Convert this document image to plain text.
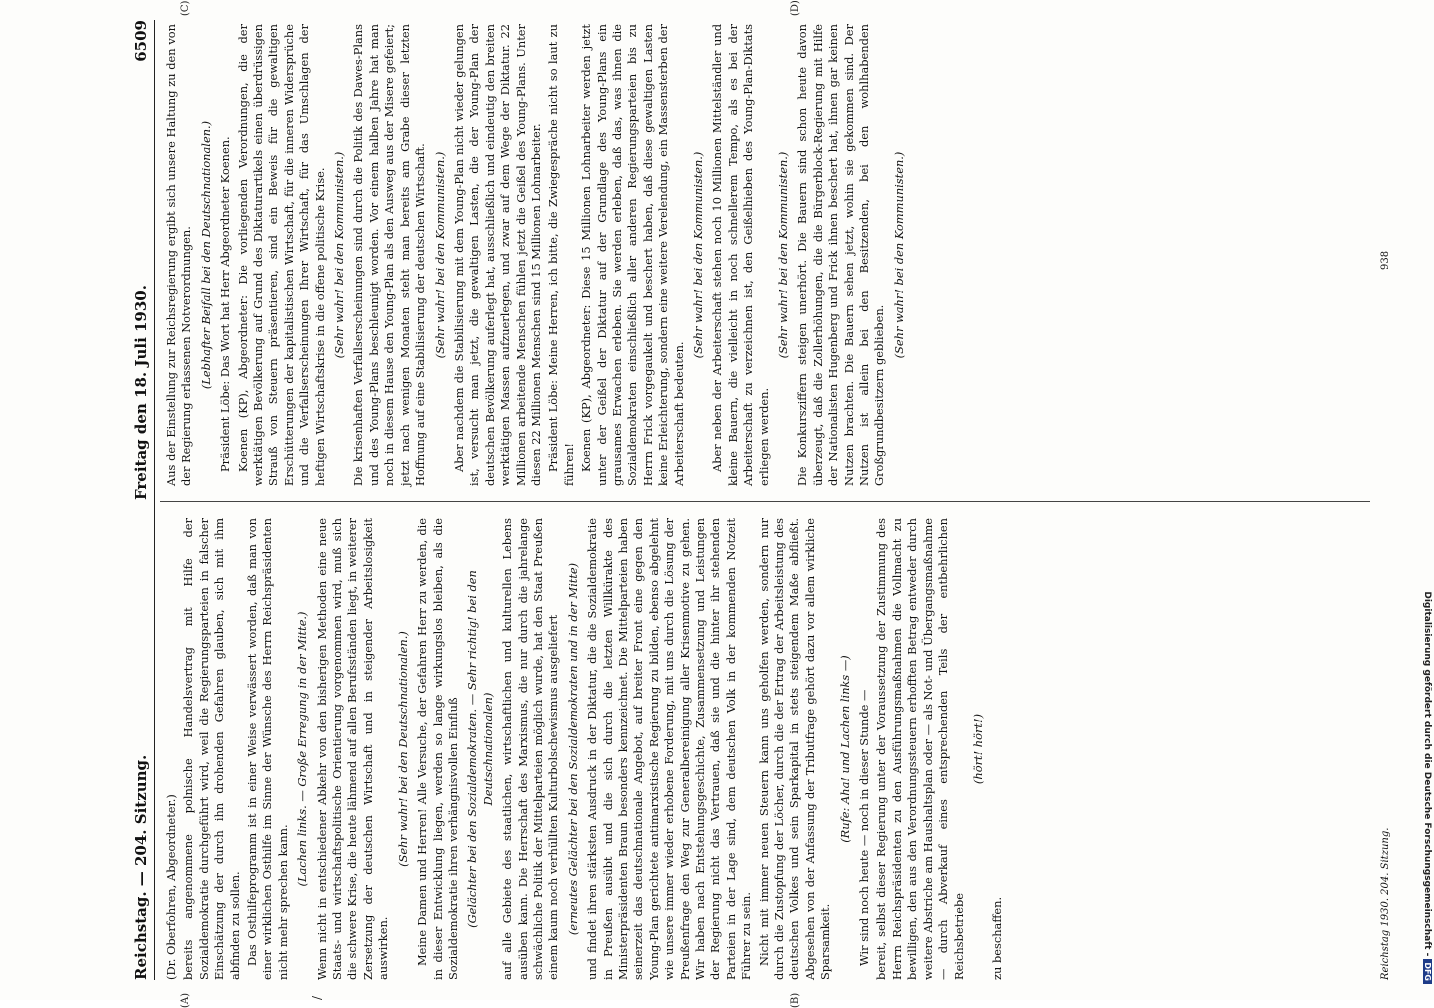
Reichstag. — 204. Sitzung.
Freitag den 18. Juli 1930.
6509

(Dr. Oberfohren, Abgeordneter.) bereits angenommene polnische Handelsvertrag mit Hilfe der Sozialdemokratie durchgeführt wird, weil die Regierungsparteien in falscher Einschätzung der durch ihn drohenden Gefahren glauben, sich mit ihm abfinden zu sollen. Das Osthilfeprogramm ist in einer Weise verwässert worden, daß man von einer wirklichen Osthilfe im Sinne der Wünsche des Herrn Reichspräsidenten nicht mehr sprechen kann.

(Lachen links. — Große Erregung in der Mitte.) Wenn nicht in entschiedener Abkehr von den bisherigen Methoden eine neue Staats- und wirtschaftspolitische Orientierung vorgenommen wird, muß sich die schwere Krise, die heute lähmend auf allen Berufsständen liegt, in weiterer Zersetzung der deutschen Wirtschaft und in steigender Arbeitslosigkeit auswirken.

(Sehr wahr! bei den Deutschnationalen.) Meine Damen und Herren! Alle Versuche, der Gefahren Herr zu werden, die in dieser Entwicklung liegen, werden so lange wirkungslos bleiben, als die Sozialdemokratie ihren verhängnisvollen Einfluß (Gelächter bei den Sozialdemokraten. — Sehr richtig! bei den Deutschnationalen) auf alle Gebiete des staatlichen, wirtschaftlichen und kulturellen Lebens ausüben kann. Die Herrschaft des Marxismus, die nur durch die jahrelange schwächliche Politik der Mittelparteien möglich wurde, hat den Staat Preußen einem kaum noch verhüllten Kulturbolschewismus ausgeliefert (erneutes Gelächter bei den Sozialdemokraten und in der Mitte) und findet ihren stärksten Ausdruck in der Diktatur, die die Sozialdemokratie in Preußen ausübt und die sich durch die letzten Willkürakte des Ministerpräsidenten Braun besonders kennzeichnet. Die Mittelparteien haben seinerzeit das deutschnationale Angebot, auf breiter Front eine gegen den Young-Plan gerichtete antimarxistische Regierung zu bilden, ebenso abgelehnt wie unsere immer wieder erhobene Forderung, mit uns durch die Lösung der Preußenfrage den Weg zur Generalbereinigung aller Krisenmotive zu gehen. Wir haben nach Entstehungsgeschichte, Zusammensetzung und Leistungen der Regierung nicht das Vertrauen, daß sie und die hinter ihr stehenden Parteien in der Lage sind, dem deutschen Volk in der kommenden Notzeit Führer zu sein. Nicht mit immer neuen Steuern kann uns geholfen werden, sondern nur durch die Zustopfung der Löcher, durch die der Ertrag der Arbeitsleistung des deutschen Volkes und sein Sparkapital in stets steigendem Maße abfließt. Abgesehen von der Anfassung der Tributfrage gehört dazu vor allem wirkliche Sparsamkeit.

(Rufe: Aha! und Lachen links —) Wir sind noch heute — noch in dieser Stunde — bereit, selbst dieser Regierung unter der Voraussetzung der Zustimmung des Herrn Reichspräsidenten zu den Ausführungsmaßnahmen die Vollmacht zu bewilligen, den aus den Verordnungssteuern erhofften Betrag entweder durch weitere Abstriche am Haushaltsplan oder — als Not- und Übergangsmaßnahme — durch Abverkauf eines entsprechenden Teils der entbehrlichen Reichsbetriebe

(hört! hört!)

zu beschaffen.

Aus der Einstellung zur Reichsregierung ergibt sich unsere Haltung zu den von der Regierung erlassenen Notverordnungen. (Lebhafter Beifall bei den Deutschnationalen.) Präsident Löbe: Das Wort hat Herr Abgeordneter Koenen. Koenen (KP), Abgeordneter: Die vorliegenden Verordnungen, die der werktätigen Bevölkerung auf Grund des Diktaturartikels einen überdrüssigen Strauß von Steuern präsentieren, sind ein Beweis für die gewaltigen Erschütterungen der kapitalistischen Wirtschaft, für die inneren Widersprüche und die Verfallserscheinungen Ihrer Wirtschaft, für das Umschlagen der heftigen Wirtschaftskrise in die offene politische Krise. (Sehr wahr! bei den Kommunisten.) Die krisenhaften Verfallserscheinungen sind durch die Politik des Dawes-Plans und des Young-Plans beschleunigt worden. Vor einem halben Jahre hat man noch in diesem Hause den Young-Plan als den Ausweg aus der Misere gefeiert; jetzt nach wenigen Monaten steht man bereits am Grabe dieser letzten Hoffnung auf eine Stabilisierung der deutschen Wirtschaft. (Sehr wahr! bei den Kommunisten.) Aber nachdem die Stabilisierung mit dem Young-Plan nicht wieder gelungen ist, versucht man jetzt, die gewaltigen Lasten, die der Young-Plan der deutschen Bevölkerung auferlegt hat, ausschließlich und eindeutig den breiten werktätigen Massen aufzuerlegen, und zwar auf dem Wege der Diktatur. 22 Millionen arbeitende Menschen fühlen jetzt die Geißel des Young-Plans. Unter diesen 22 Millionen Menschen sind 15 Millionen Lohnarbeiter. Präsident Löbe: Meine Herren, ich bitte, die Zwiegespräche nicht so laut zu führen! Koenen (KP), Abgeordneter: Diese 15 Millionen Lohnarbeiter werden jetzt unter der Geißel der Diktatur auf der Grundlage des Young-Plans ein grausames Erwachen erleben. Sie werden erleben, daß das, was ihnen die Sozialdemokraten einschließlich aller anderen Regierungsparteien bis zu Herrn Frick vorgegaukelt und beschert haben, daß diese gewaltigen Lasten keine Erleichterung, sondern eine weitere Verelendung, ein Massensterben der Arbeiterschaft bedeuten.

(Sehr wahr! bei den Kommunisten.) Aber neben der Arbeiterschaft stehen noch 10 Millionen Mittelständler und kleine Bauern, die vielleicht in noch schnellerem Tempo, als es bei der Arbeiterschaft zu verzeichnen ist, den Geißelhieben des Young-Plan-Diktats erliegen werden.

(Sehr wahr! bei den Kommunisten.) Die Konkursziffern steigen unerhört. Die Bauern sind schon heute davon überzeugt, daß die Zollerhöhungen, die die Bürgerblock-Regierung mit Hilfe der Nationalisten Hugenberg und Frick ihnen beschert hat, ihnen gar keinen Nutzen brachten. Die Bauern sehen jetzt, wohin sie gekommen sind. Der Nutzen ist allein bei den Besitzenden, bei den wohlhabenden Großgrundbesitzern geblieben.

(Sehr wahr! bei den Kommunisten.)

(A)	(B)
(C)	(D)
/
Reichstag 1930. 204. Sitzung.
938
Digitalisierung gefördert durch die Deutsche Forschungsgemeinschaft -DFG
